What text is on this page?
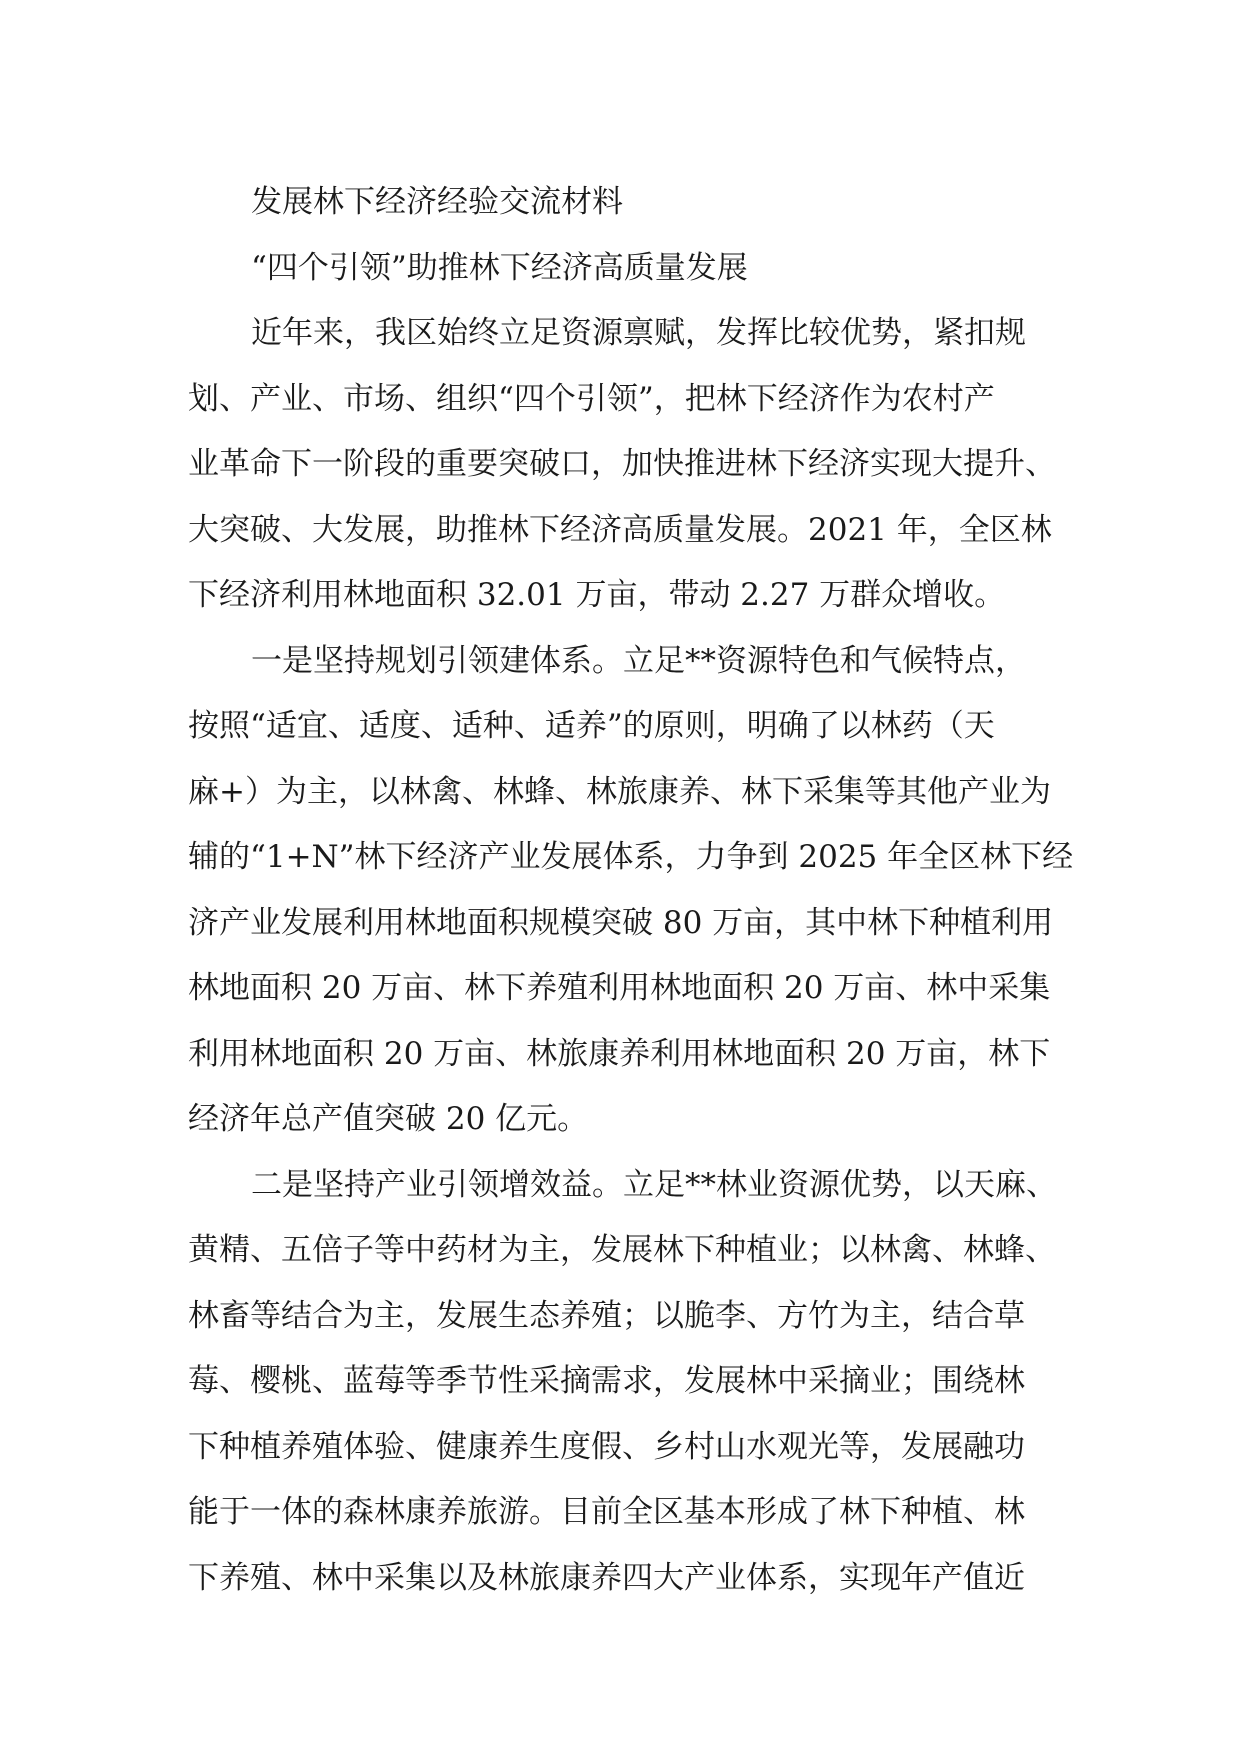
发展林下经济经验交流材料
“四个引领”助推林下经济高质量发展
近年来，我区始终立足资源禀赋，发挥比较优势，紧扣规
划、产业、市场、组织“四个引领”，把林下经济作为农村产
业革命下一阶段的重要突破口，加快推进林下经济实现大提升、
大突破、大发展，助推林下经济高质量发展。2021 年，全区林
下经济利用林地面积 32.01 万亩，带动 2.27 万群众增收。
一是坚持规划引领建体系。立足**资源特色和气候特点，
按照“适宜、适度、适种、适养”的原则，明确了以林药（天
麻+）为主，以林禽、林蜂、林旅康养、林下采集等其他产业为
辅的“1+N”林下经济产业发展体系，力争到 2025 年全区林下经
济产业发展利用林地面积规模突破 80 万亩，其中林下种植利用
林地面积 20 万亩、林下养殖利用林地面积 20 万亩、林中采集
利用林地面积 20 万亩、林旅康养利用林地面积 20 万亩，林下
经济年总产值突破 20 亿元。
二是坚持产业引领增效益。立足**林业资源优势，以天麻、
黄精、五倍子等中药材为主，发展林下种植业；以林禽、林蜂、
林畜等结合为主，发展生态养殖；以脆李、方竹为主，结合草
莓、樱桃、蓝莓等季节性采摘需求，发展林中采摘业；围绕林
下种植养殖体验、健康养生度假、乡村山水观光等，发展融功
能于一体的森林康养旅游。目前全区基本形成了林下种植、林
下养殖、林中采集以及林旅康养四大产业体系，实现年产值近
